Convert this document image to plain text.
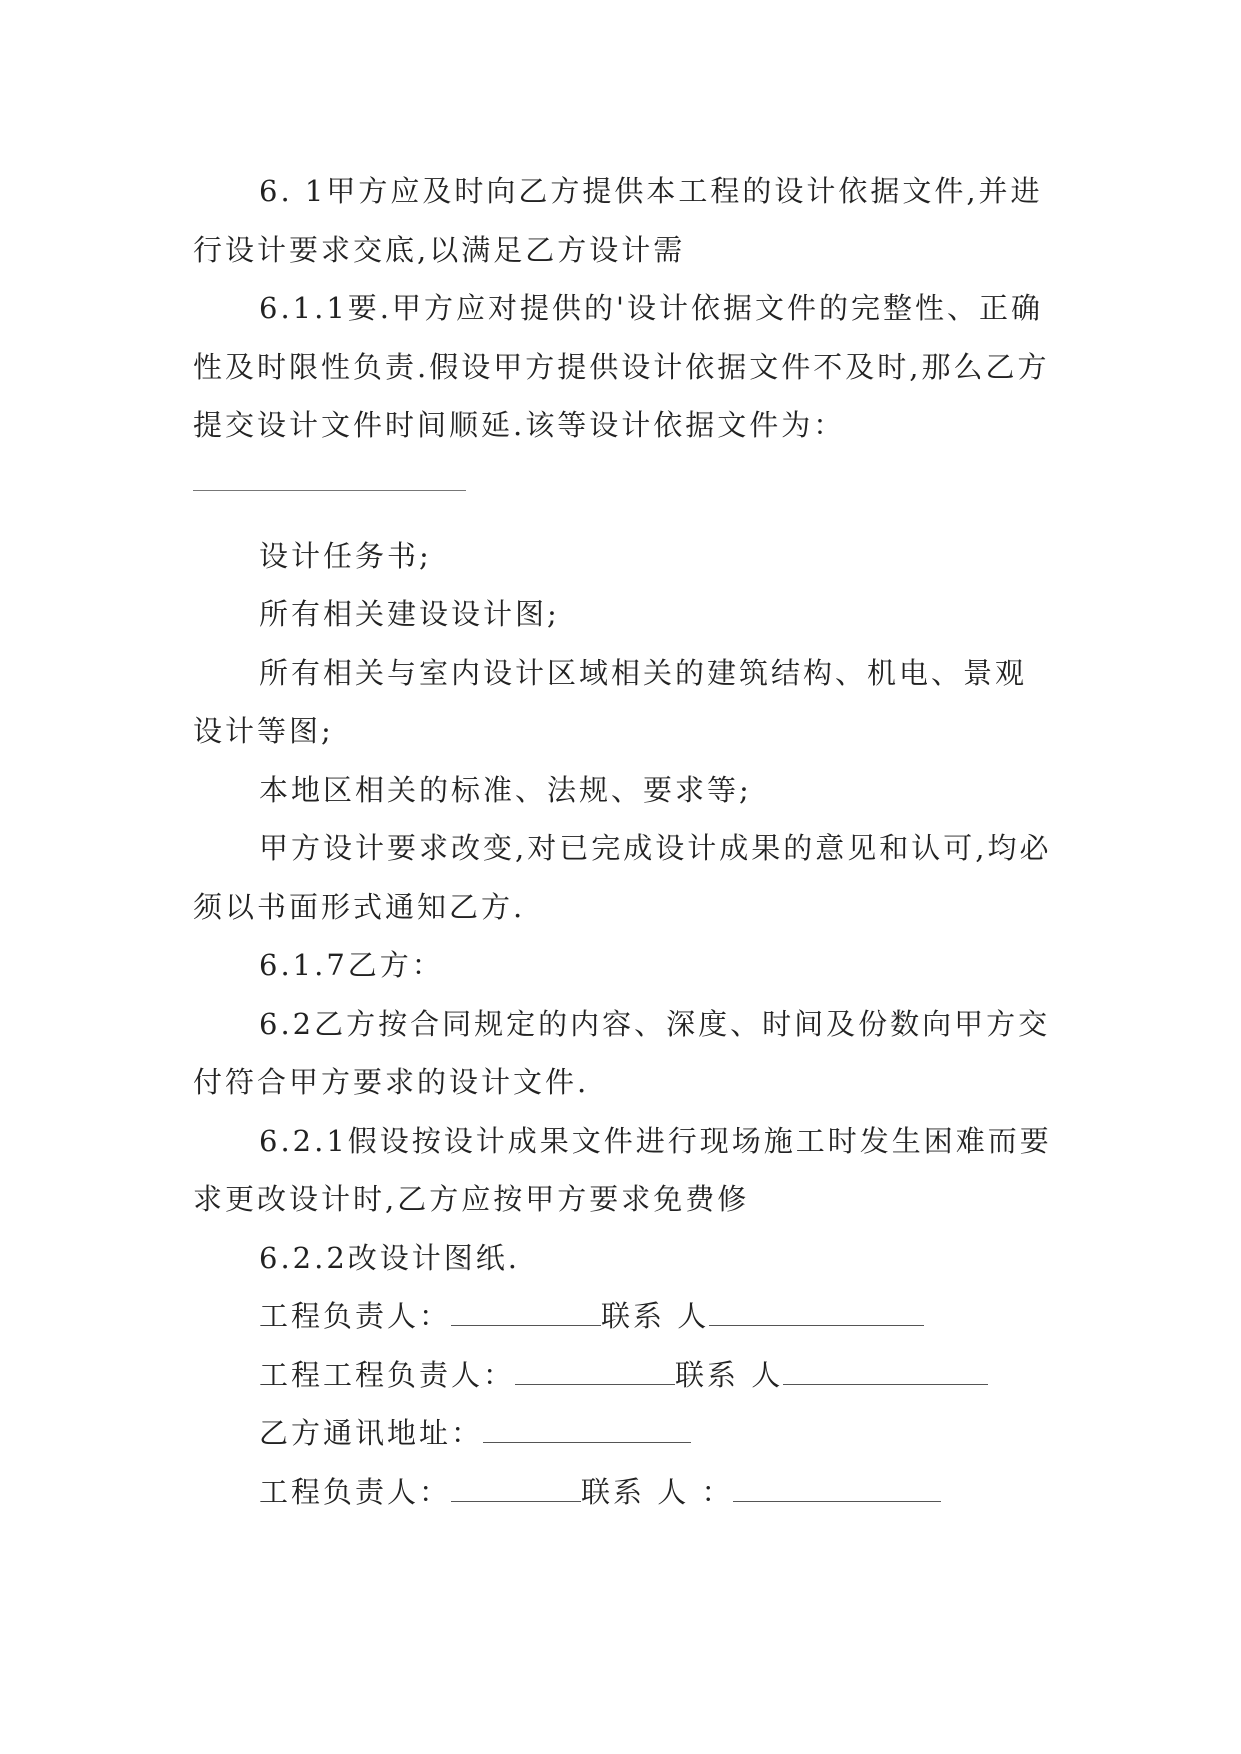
6. 1甲方应及时向乙方提供本工程的设计依据文件,并进行设计要求交底,以满足乙方设计需

6.1.1要.甲方应对提供的'设计依据文件的完整性、正确性及时限性负责.假设甲方提供设计依据文件不及时,那么乙方提交设计文件时间顺延.该等设计依据文件为：

设计任务书;

所有相关建设设计图;

所有相关与室内设计区域相关的建筑结构、机电、景观设计等图;

本地区相关的标准、法规、要求等;

甲方设计要求改变,对已完成设计成果的意见和认可,均必须以书面形式通知乙方.

6.1.7乙方：

6.2乙方按合同规定的内容、深度、时间及份数向甲方交付符合甲方要求的设计文件.

6.2.1假设按设计成果文件进行现场施工时发生困难而要求更改设计时,乙方应按甲方要求免费修

6.2.2改设计图纸.

工程负责人：	联系 人

工程工程负责人：	联系 人

乙方通讯地址：

工程负责人：	联系 人 ：
